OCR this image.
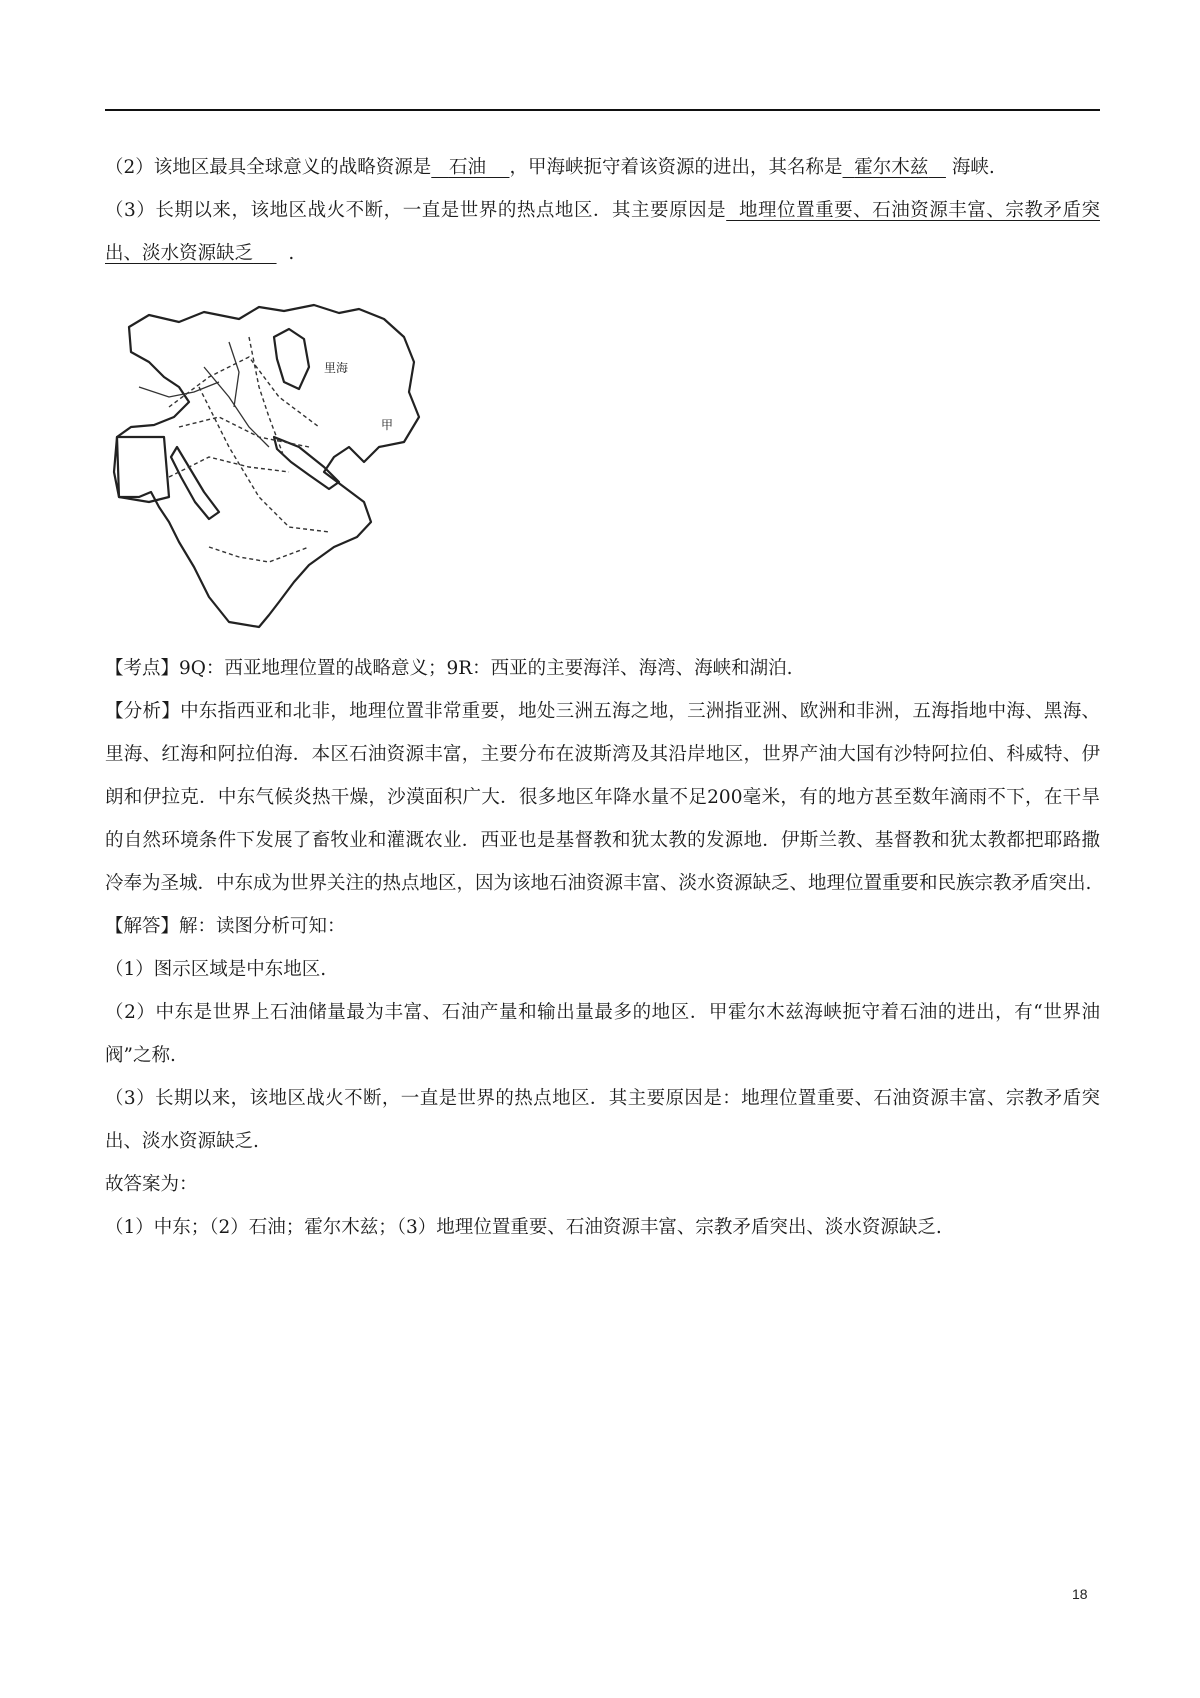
（2）该地区最具全球意义的战略资源是 石油 ，甲海峡扼守着该资源的进出，其名称是 霍尔木兹 海峡.

（3）长期以来，该地区战火不断，一直是世界的热点地区．其主要原因是 地理位置重要、石油资源丰富、宗教矛盾突出、淡水资源缺乏 .

里海
甲

【考点】9Q：西亚地理位置的战略意义；9R：西亚的主要海洋、海湾、海峡和湖泊.

【分析】中东指西亚和北非，地理位置非常重要，地处三洲五海之地，三洲指亚洲、欧洲和非洲，五海指地中海、黑海、里海、红海和阿拉伯海．本区石油资源丰富，主要分布在波斯湾及其沿岸地区，世界产油大国有沙特阿拉伯、科威特、伊朗和伊拉克．中东气候炎热干燥，沙漠面积广大．很多地区年降水量不足200毫米，有的地方甚至数年滴雨不下，在干旱的自然环境条件下发展了畜牧业和灌溉农业．西亚也是基督教和犹太教的发源地．伊斯兰教、基督教和犹太教都把耶路撒冷奉为圣城．中东成为世界关注的热点地区，因为该地石油资源丰富、淡水资源缺乏、地理位置重要和民族宗教矛盾突出.

【解答】解：读图分析可知：

（1）图示区域是中东地区.

（2）中东是世界上石油储量最为丰富、石油产量和输出量最多的地区．甲霍尔木兹海峡扼守着石油的进出，有“世界油阀”之称.

（3）长期以来，该地区战火不断，一直是世界的热点地区．其主要原因是：地理位置重要、石油资源丰富、宗教矛盾突出、淡水资源缺乏.

故答案为：

（1）中东；（2）石油；霍尔木兹；（3）地理位置重要、石油资源丰富、宗教矛盾突出、淡水资源缺乏.

18
